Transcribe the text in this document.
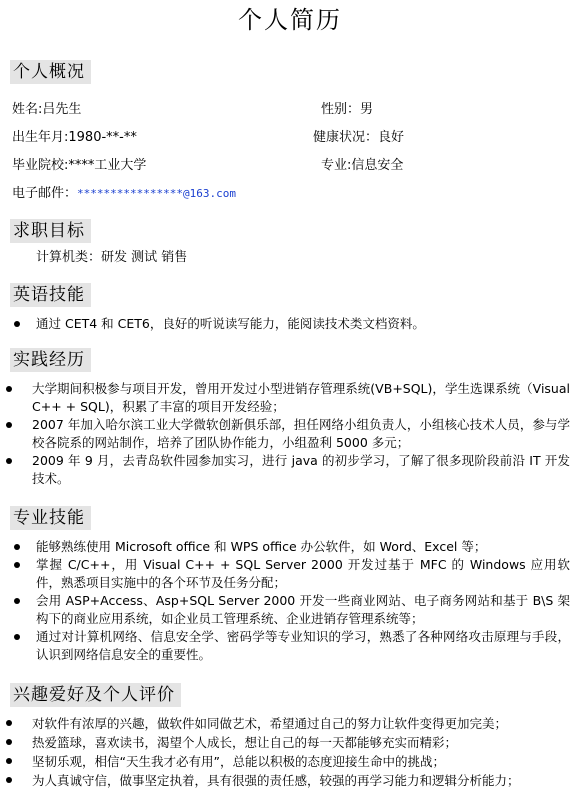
个人简历
个人概况
姓名:吕先生	性别：男
出生年月:1980-**-**	健康状况：良好
毕业院校:****工业大学	专业:信息安全
电子邮件：****************@163.com
求职目标
计算机类：研发 测试 销售
英语技能
通过 CET4 和 CET6，良好的听说读写能力，能阅读技术类文档资料。
实践经历
大学期间积极参与项目开发，曾用开发过小型进销存管理系统(VB+SQL)，学生选课系统（Visual C++ + SQL)，积累了丰富的项目开发经验；
2007 年加入哈尔滨工业大学微软创新俱乐部，担任网络小组负责人，小组核心技术人员，参与学校各院系的网站制作，培养了团队协作能力，小组盈利 5000 多元；
2009 年 9 月，去青岛软件园参加实习，进行 java 的初步学习，了解了很多现阶段前沿 IT 开发技术。
专业技能
能够熟练使用 Microsoft office 和 WPS office 办公软件，如 Word、Excel 等；
掌握 C/C++，用 Visual C++ + SQL Server 2000 开发过基于 MFC 的 Windows 应用软件，熟悉项目实施中的各个环节及任务分配；
会用 ASP+Access、Asp+SQL Server 2000 开发一些商业网站、电子商务网站和基于 B\S 架构下的商业应用系统，如企业员工管理系统、企业进销存管理系统等；
通过对计算机网络、信息安全学、密码学等专业知识的学习，熟悉了各种网络攻击原理与手段，认识到网络信息安全的重要性。
兴趣爱好及个人评价
对软件有浓厚的兴趣，做软件如同做艺术，希望通过自己的努力让软件变得更加完美；
热爱篮球，喜欢读书，渴望个人成长，想让自己的每一天都能够充实而精彩；
坚韧乐观，相信“天生我才必有用”，总能以积极的态度迎接生命中的挑战；
为人真诚守信，做事坚定执着，具有很强的责任感，较强的再学习能力和逻辑分析能力；
